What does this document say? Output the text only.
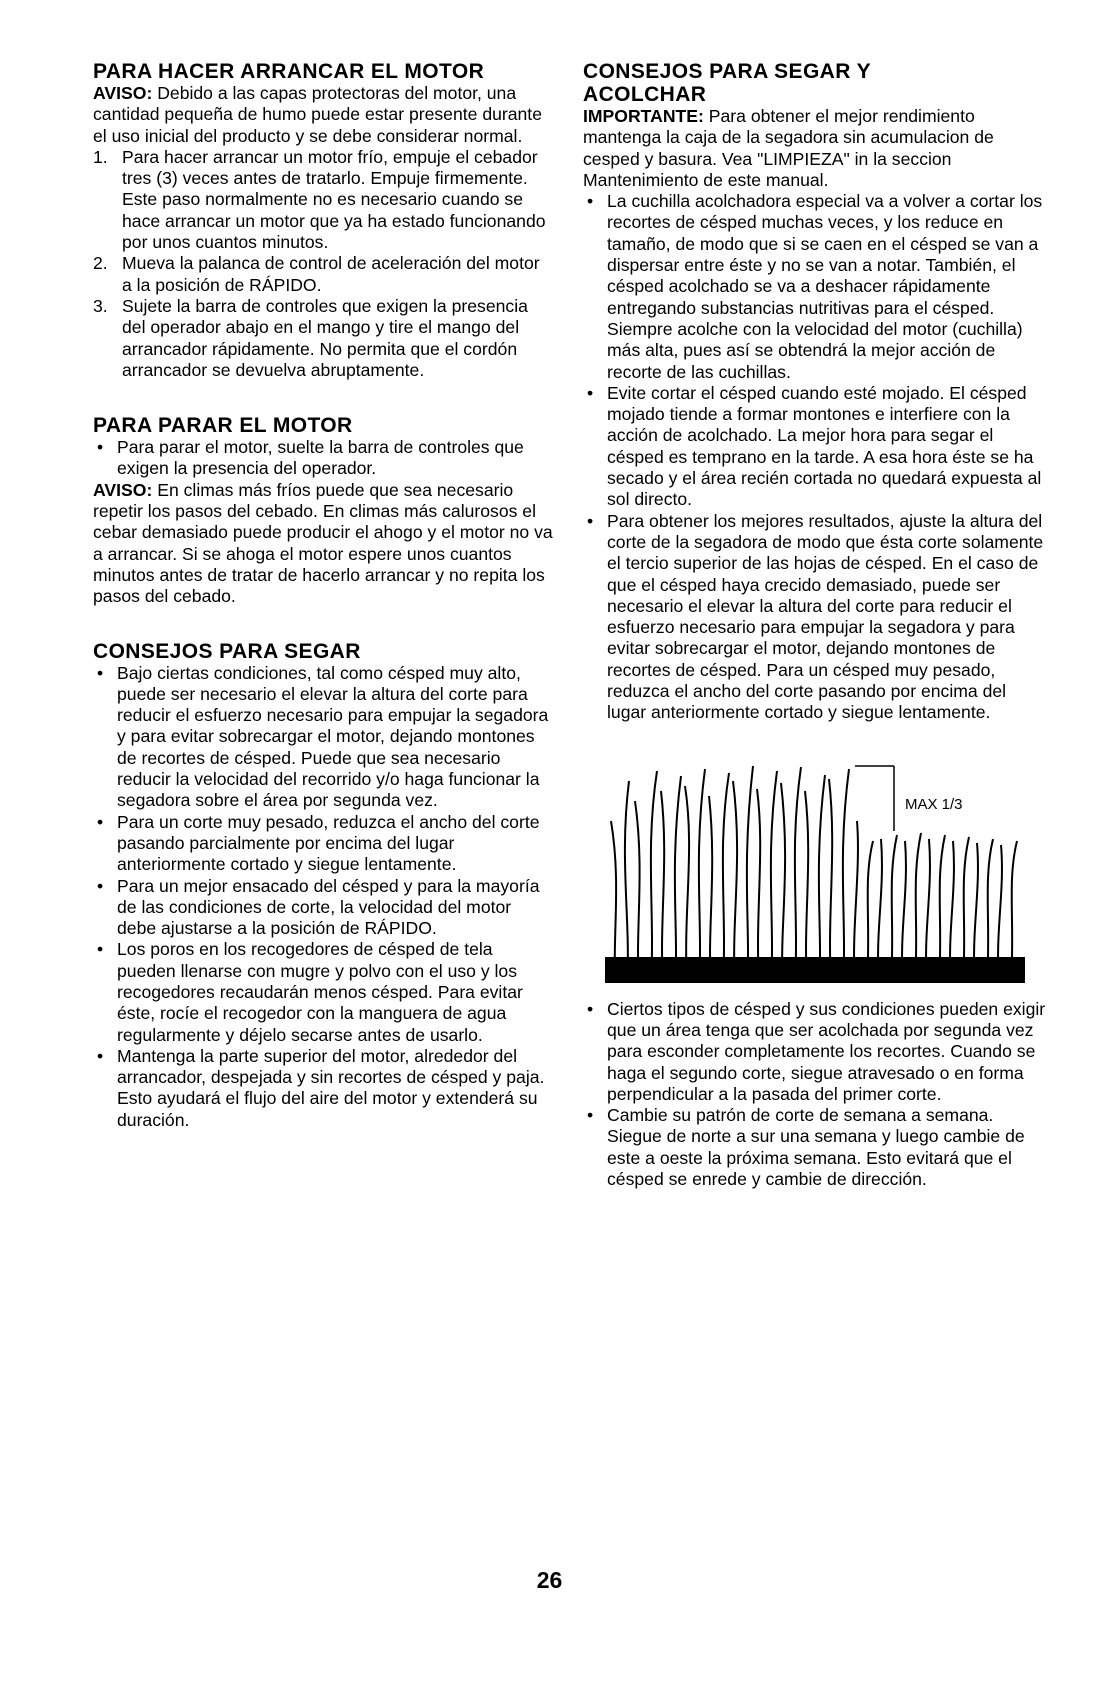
PARA HACER ARRANCAR EL MOTOR

AVISO: Debido a las capas protectoras del motor, una cantidad pequeña de humo puede estar presente durante el uso inicial del producto y se debe considerar normal.

1. Para hacer arrancar un motor frío, empuje el cebador tres (3) veces antes de tratarlo. Empuje firmemente. Este paso normalmente no es necesario cuando se hace arrancar un motor que ya ha estado funcionando por unos cuantos minutos.
2. Mueva la palanca de control de aceleración del motor a la posición de RÁPIDO.
3. Sujete la barra de controles que exigen la presencia del operador abajo en el mango y tire el mango del arrancador rápidamente. No permita que el cordón arrancador se devuelva abruptamente.
PARA PARAR EL MOTOR
• Para parar el motor, suelte la barra de controles que exigen la presencia del operador.

AVISO: En climas más fríos puede que sea necesario repetir los pasos del cebado. En climas más calurosos el cebar demasiado puede producir el ahogo y el motor no va a arrancar. Si se ahoga el motor espere unos cuantos minutos antes de tratar de hacerlo arrancar y no repita los pasos del cebado.

CONSEJOS PARA SEGAR
• Bajo ciertas condiciones, tal como césped muy alto, puede ser necesario el elevar la altura del corte para reducir el esfuerzo necesario para empujar la segadora y para evitar sobrecargar el motor, dejando montones de recortes de césped. Puede que sea necesario reducir la velocidad del recorrido y/o haga funcionar la segadora sobre el área por segunda vez.
• Para un corte muy pesado, reduzca el ancho del corte pasando parcialmente por encima del lugar anteriormente cortado y siegue lentamente.
• Para un mejor ensacado del césped y para la mayoría de las condiciones de corte, la velocidad del motor debe ajustarse a la posición de RÁPIDO.
• Los poros en los recogedores de césped de tela pueden llenarse con mugre y polvo con el uso y los recogedores recaudarán menos césped. Para evitar éste, rocíe el recogedor con la manguera de agua regularmente y déjelo secarse antes de usarlo.
• Mantenga la parte superior del motor, alrededor del arrancador, despejada y sin recortes de césped y paja. Esto ayudará el flujo del aire del motor y extenderá su duración.
CONSEJOS PARA SEGAR Y
ACOLCHAR

IMPORTANTE: Para obtener el mejor rendimiento mantenga la caja de la segadora sin acumulacion de cesped y basura. Vea "LIMPIEZA" in la seccion Mantenimiento de este manual.

• La cuchilla acolchadora especial va a volver a cortar los recortes de césped muchas veces, y los reduce en tamaño, de modo que si se caen en el césped se van a dispersar entre éste y no se van a notar. También, el césped acolchado se va a deshacer rápidamente entregando substancias nutritivas para el césped. Siempre acolche con la velocidad del motor (cuchilla) más alta, pues así se obtendrá la mejor acción de recorte de las cuchillas.
• Evite cortar el césped cuando esté mojado. El césped mojado tiende a formar montones e interfiere con la acción de acolchado. La mejor hora para segar el césped es temprano en la tarde. A esa hora éste se ha secado y el área recién cortada no quedará expuesta al sol directo.
• Para obtener los mejores resultados, ajuste la altura del corte de la segadora de modo que ésta corte solamente el tercio superior de las hojas de césped. En el caso de que el césped haya crecido demasiado, puede ser necesario el elevar la altura del corte para reducir el esfuerzo necesario para empujar la segadora y para evitar sobrecargar el motor, dejando montones de recortes de césped. Para un césped muy pesado, reduzca el ancho del corte pasando por encima del lugar anteriormente cortado y siegue lentamente.
MAX 1/3
• Ciertos tipos de césped y sus condiciones pueden exigir que un área tenga que ser acolchada por segunda vez para esconder completamente los recortes. Cuando se haga el segundo corte, siegue atravesado o en forma perpendicular a la pasada del primer corte.
• Cambie su patrón de corte de semana a semana. Siegue de norte a sur una semana y luego cambie de este a oeste la próxima semana. Esto evitará que el césped se enrede y cambie de dirección.
26
